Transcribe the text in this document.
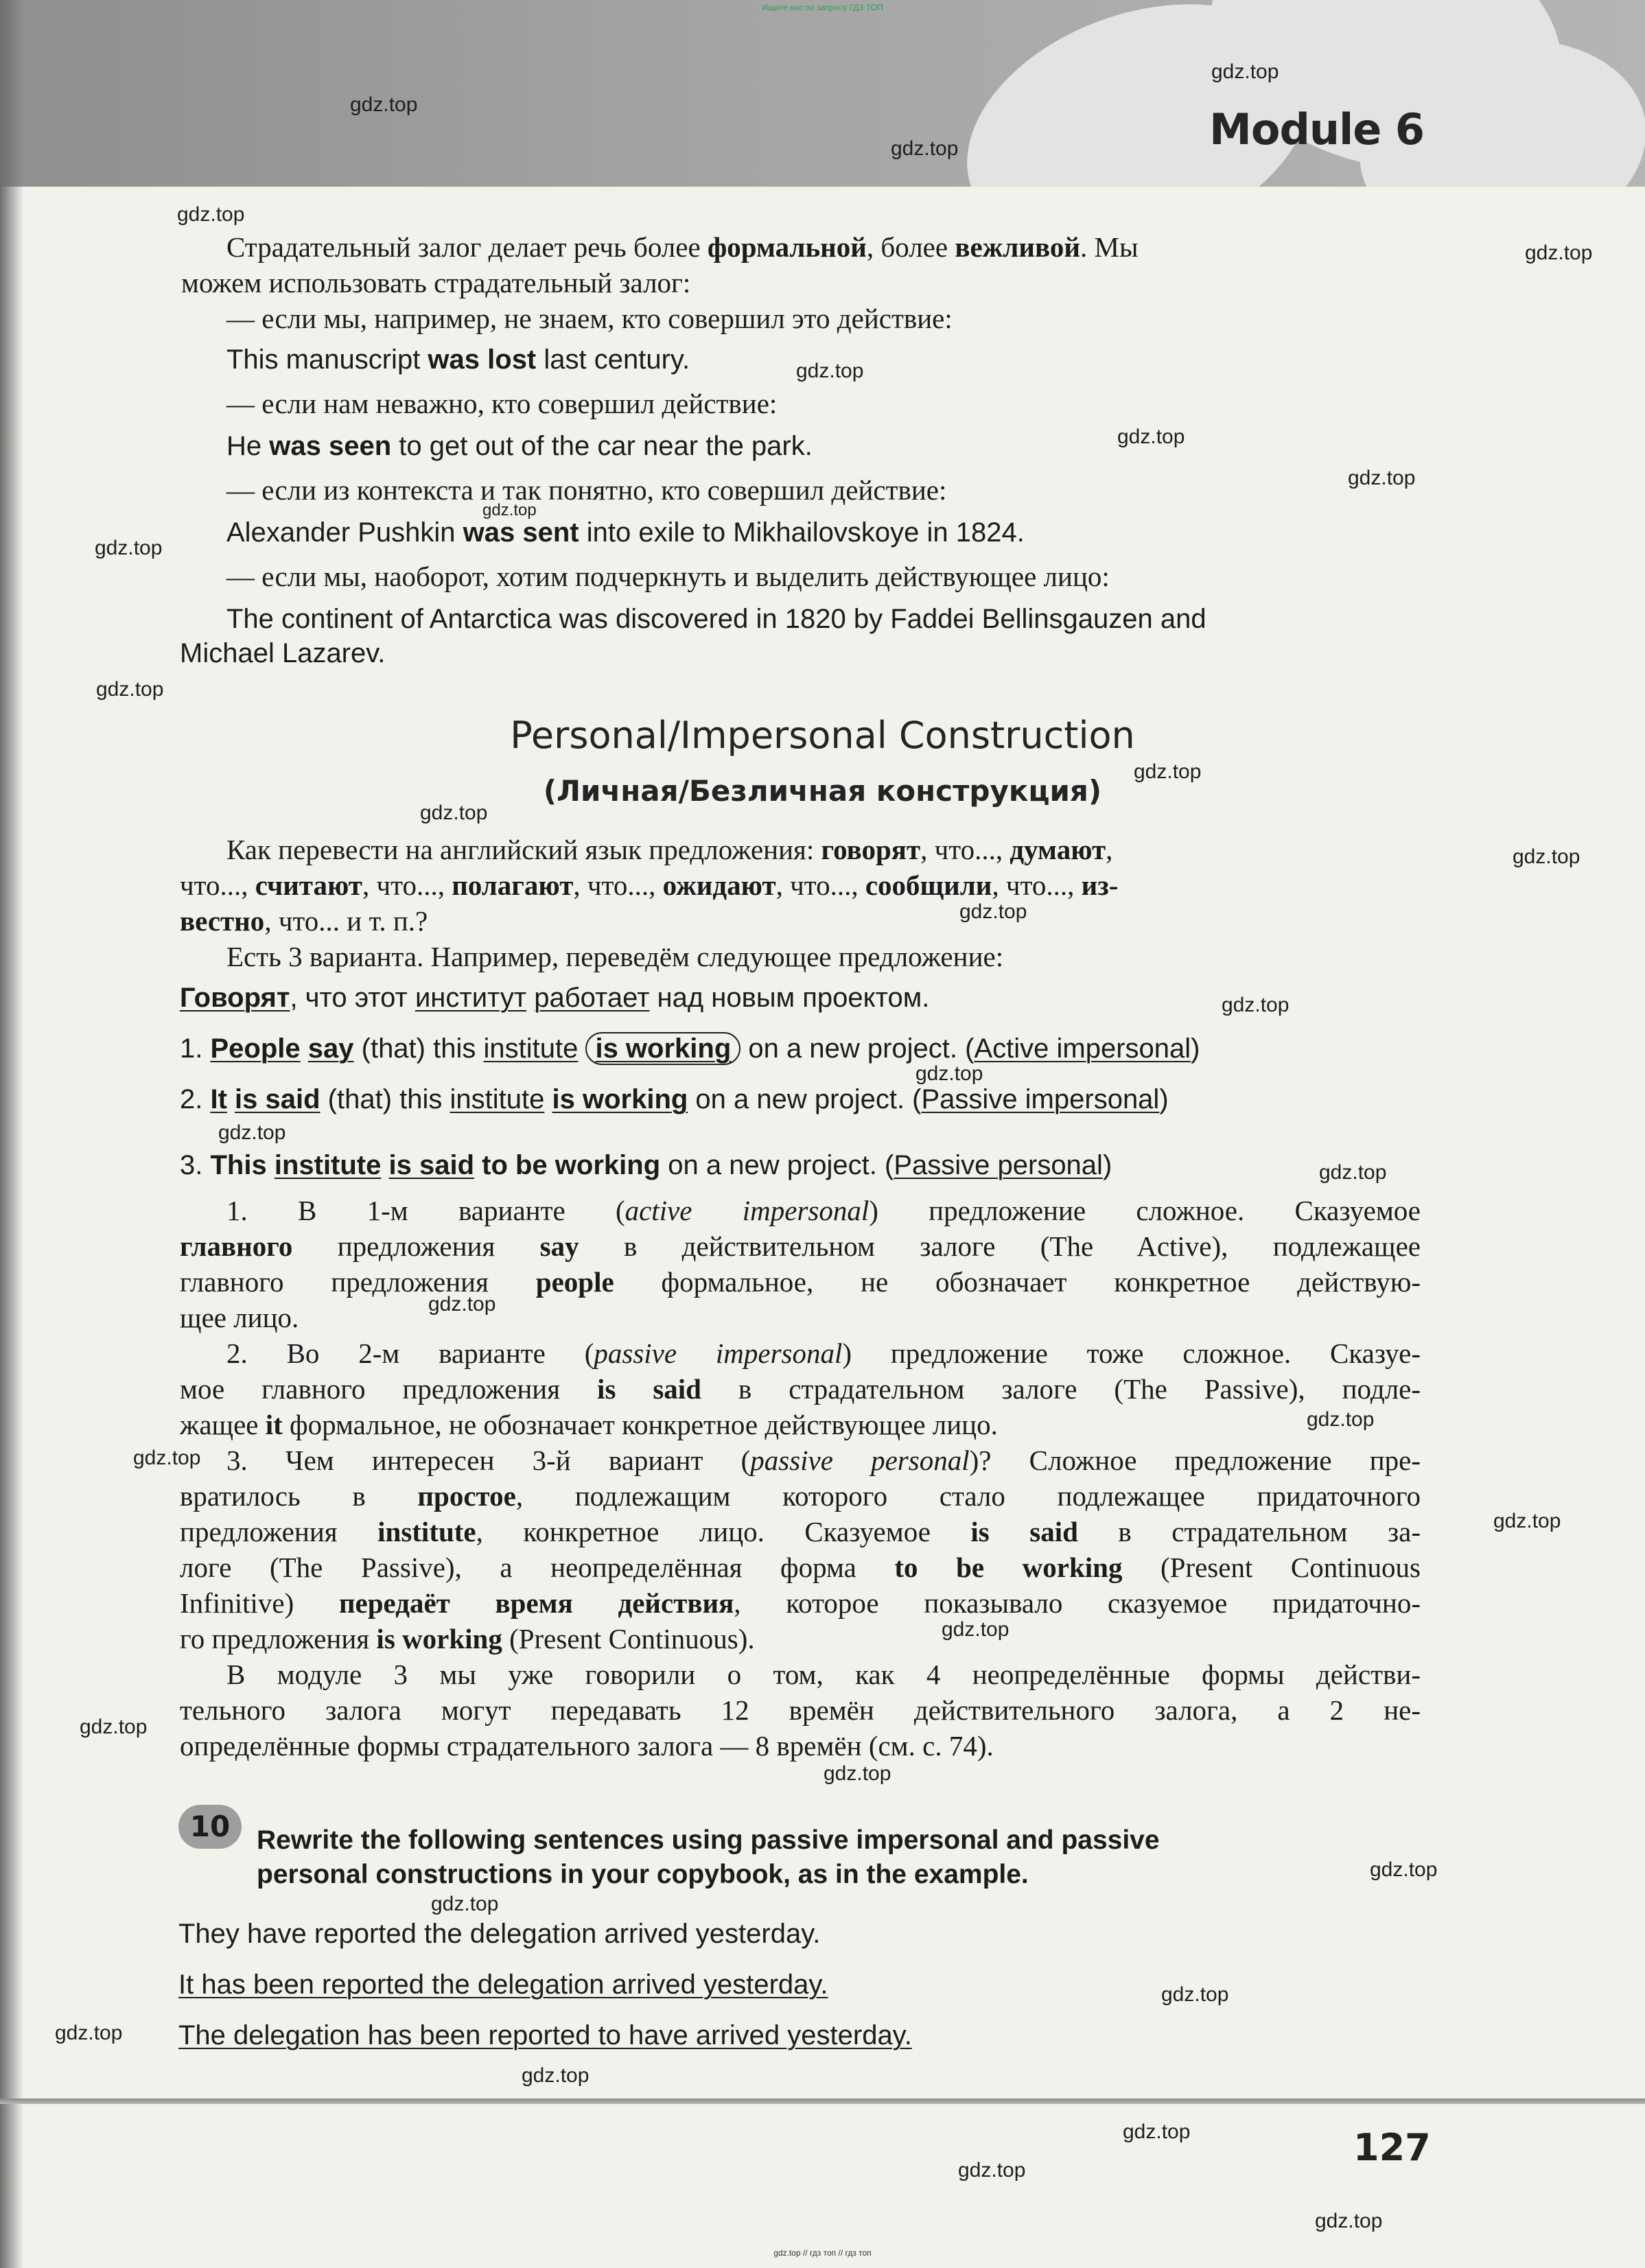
Ищите нас по запросу ГДЗ ТОП
Module 6
gdz.top
gdz.top
gdz.top
gdz.top
gdz.top
gdz.top
gdz.top
gdz.top
gdz.top
gdz.top
gdz.top
gdz.top
gdz.top
gdz.top
gdz.top
gdz.top
gdz.top
gdz.top
gdz.top
gdz.top
gdz.top
gdz.top
gdz.top
gdz.top
gdz.top
gdz.top
gdz.top
gdz.top
gdz.top
gdz.top
gdz.top
gdz.top
gdz.top
gdz.top
Страдательный залог делает речь более формальной, более вежливой. Мы
можем использовать страдательный залог:
— если мы, например, не знаем, кто совершил это действие:
This manuscript was lost last century.
— если нам неважно, кто совершил действие:
He was seen to get out of the car near the park.
— если из контекста и так понятно, кто совершил действие:
Alexander Pushkin was sent into exile to Mikhailovskoye in 1824.
— если мы, наоборот, хотим подчеркнуть и выделить действующее лицо:
The continent of Antarctica was discovered in 1820 by Faddei Bellinsgauzen and
Michael Lazarev.
Personal/Impersonal Construction
(Личная/Безличная конструкция)
Как перевести на английский язык предложения: говорят, что..., думают,
что..., считают, что..., полагают, что..., ожидают, что..., сообщили, что..., из-
вестно, что... и т. п.?
Есть 3 варианта. Например, переведём следующее предложение:
Говорят, что этот институт работает над новым проектом.
1. People say (that) this institute is working on a new project. (Active impersonal)
2. It is said (that) this institute is working on a new project. (Passive impersonal)
3. This institute is said to be working on a new project. (Passive personal)
1. В 1-м варианте (active impersonal) предложение сложное. Сказуемое
главного предложения say в действительном залоге (The Active), подлежащее
главного предложения people формальное, не обозначает конкретное действую-
щее лицо.
2. Во 2-м варианте (passive impersonal) предложение тоже сложное. Сказуе-
мое главного предложения is said в страдательном залоге (The Passive), подле-
жащее it формальное, не обозначает конкретное действующее лицо.
3. Чем интересен 3-й вариант (passive personal)? Сложное предложение пре-
вратилось в простое, подлежащим которого стало подлежащее придаточного
предложения institute, конкретное лицо. Сказуемое is said в страдательном за-
логе (The Passive), а неопределённая форма to be working (Present Continuous
Infinitive) передаёт время действия, которое показывало сказуемое придаточно-
го предложения is working (Present Continuous).
В модуле 3 мы уже говорили о том, как 4 неопределённые формы действи-
тельного залога могут передавать 12 времён действительного залога, а 2 не-
определённые формы страдательного залога — 8 времён (см. с. 74).
10 Rewrite the following sentences using passive impersonal and passive
personal constructions in your copybook, as in the example.
They have reported the delegation arrived yesterday.
It has been reported the delegation arrived yesterday.
The delegation has been reported to have arrived yesterday.
127
gdz.top // гдз топ // гдз топ
